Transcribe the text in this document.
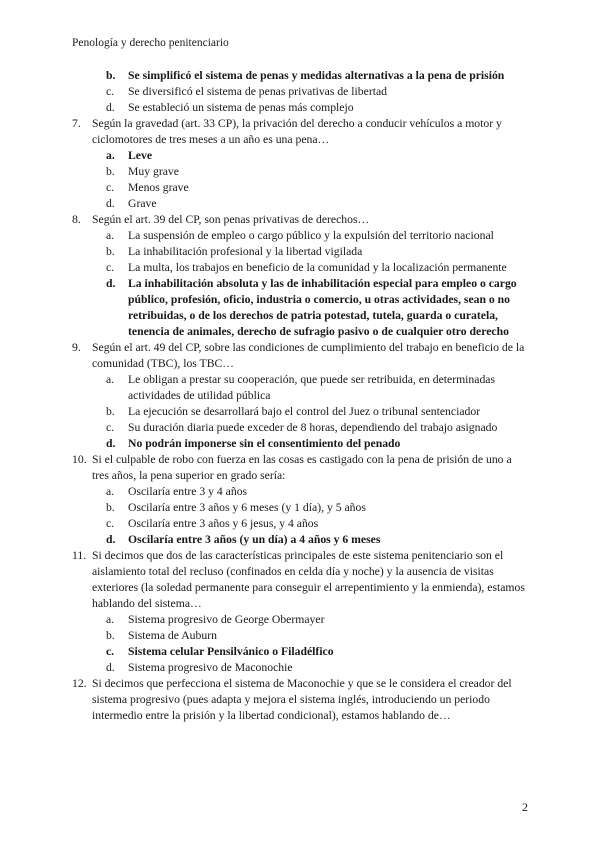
Penología y derecho penitenciario
b. Se simplificó el sistema de penas y medidas alternativas a la pena de prisión
c. Se diversificó el sistema de penas privativas de libertad
d. Se estableció un sistema de penas más complejo
7. Según la gravedad (art. 33 CP), la privación del derecho a conducir vehículos a motor y ciclomotores de tres meses a un año es una pena…
a. Leve
b. Muy grave
c. Menos grave
d. Grave
8. Según el art. 39 del CP, son penas privativas de derechos…
a. La suspensión de empleo o cargo público y la expulsión del territorio nacional
b. La inhabilitación profesional y la libertad vigilada
c. La multa, los trabajos en beneficio de la comunidad y la localización permanente
d. La inhabilitación absoluta y las de inhabilitación especial para empleo o cargo público, profesión, oficio, industria o comercio, u otras actividades, sean o no retribuidas, o de los derechos de patria potestad, tutela, guarda o curatela, tenencia de animales, derecho de sufragio pasivo o de cualquier otro derecho
9. Según el art. 49 del CP, sobre las condiciones de cumplimiento del trabajo en beneficio de la comunidad (TBC), los TBC…
a. Le obligan a prestar su cooperación, que puede ser retribuida, en determinadas actividades de utilidad pública
b. La ejecución se desarrollará bajo el control del Juez o tribunal sentenciador
c. Su duración diaria puede exceder de 8 horas, dependiendo del trabajo asignado
d. No podrán imponerse sin el consentimiento del penado
10. Si el culpable de robo con fuerza en las cosas es castigado con la pena de prisión de uno a tres años, la pena superior en grado sería:
a. Oscilaría entre 3 y 4 años
b. Oscilaría entre 3 años y 6 meses (y 1 día), y 5 años
c. Oscilaría entre 3 años y 6 jesus, y 4 años
d. Oscilaría entre 3 años (y un día) a 4 años y 6 meses
11. Si decimos que dos de las características principales de este sistema penitenciario son el aislamiento total del recluso (confinados en celda día y noche) y la ausencia de visitas exteriores (la soledad permanente para conseguir el arrepentimiento y la enmienda), estamos hablando del sistema…
a. Sistema progresivo de George Obermayer
b. Sistema de Auburn
c. Sistema celular Pensilvánico o Filadélfico
d. Sistema progresivo de Maconochie
12. Si decimos que perfecciona el sistema de Maconochie y que se le considera el creador del sistema progresivo (pues adapta y mejora el sistema inglés, introduciendo un periodo intermedio entre la prisión y la libertad condicional), estamos hablando de…
2
